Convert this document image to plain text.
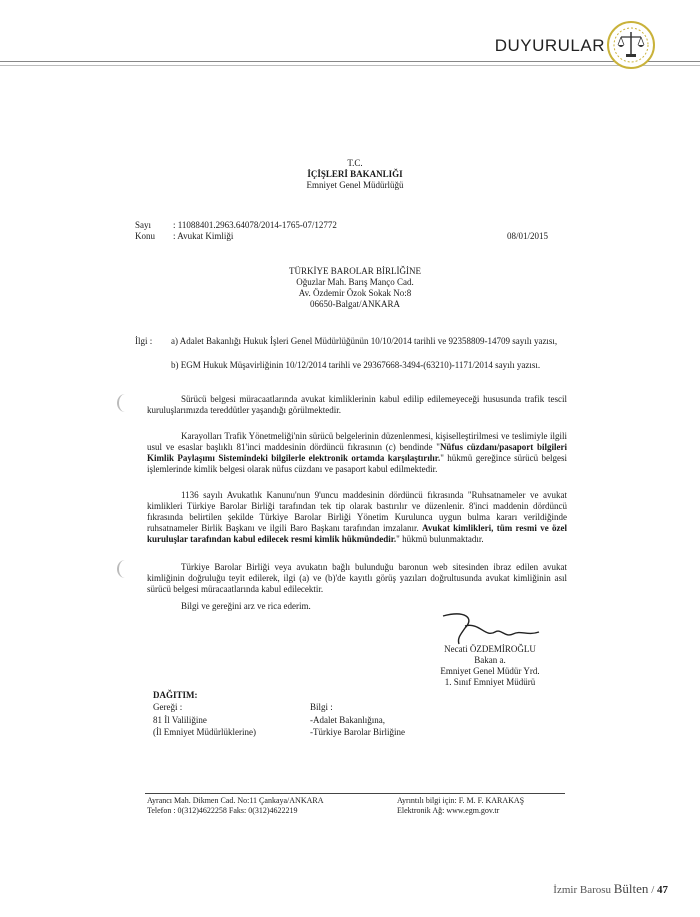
DUYURULAR
T.C.
İÇİŞLERİ BAKANLIĞI
Emniyet Genel Müdürlüğü
Sayı : 11088401.2963.64078/2014-1765-07/12772
Konu : Avukat Kimliği	08/01/2015
TÜRKİYE BAROLAR BİRLİĞİNE
Oğuzlar Mah. Barış Manço Cad.
Av. Özdemir Özok Sokak No:8
06650-Balgat/ANKARA
İlgi : a) Adalet Bakanlığı Hukuk İşleri Genel Müdürlüğünün 10/10/2014 tarihli ve 92358809-14709 sayılı yazısı,
b) EGM Hukuk Müşavirliğinin 10/12/2014 tarihli ve 29367668-3494-(63210)-1171/2014 sayılı yazısı.
Sürücü belgesi müracaatlarında avukat kimliklerinin kabul edilip edilemeyeceği hususunda trafik tescil kuruluşlarımızda tereddütler yaşandığı görülmektedir.
Karayolları Trafik Yönetmeliği'nin sürücü belgelerinin düzenlenmesi, kişiselleştirilmesi ve teslimiyle ilgili usul ve esaslar başlıklı 81'inci maddesinin dördüncü fıkrasının (c) bendinde "Nüfus cüzdanı/pasaport bilgileri Kimlik Paylaşımı Sistemindeki bilgilerle elektronik ortamda karşılaştırılır." hükmü gereğince sürücü belgesi işlemlerinde kimlik belgesi olarak nüfus cüzdanı ve pasaport kabul edilmektedir.
1136 sayılı Avukatlık Kanunu'nun 9'uncu maddesinin dördüncü fıkrasında "Ruhsatnameler ve avukat kimlikleri Türkiye Barolar Birliği tarafından tek tip olarak bastırılır ve düzenlenir. 8'inci maddenin dördüncü fıkrasında belirtilen şekilde Türkiye Barolar Birliği Yönetim Kurulunca uygun bulma kararı verildiğinde ruhsatnameler Birlik Başkanı ve ilgili Baro Başkanı tarafından imzalanır. Avukat kimlikleri, tüm resmi ve özel kuruluşlar tarafından kabul edilecek resmi kimlik hükmündedir." hükmü bulunmaktadır.
Türkiye Barolar Birliği veya avukatın bağlı bulunduğu baronun web sitesinden ibraz edilen avukat kimliğinin doğruluğu teyit edilerek, ilgi (a) ve (b)'de kayıtlı görüş yazıları doğrultusunda avukat kimliğinin asıl sürücü belgesi müracaatlarında kabul edilecektir.
Bilgi ve gereğini arz ve rica ederim.
Necati ÖZDEMİROĞLU
Bakan a.
Emniyet Genel Müdür Yrd.
1. Sınıf Emniyet Müdürü
DAĞITIM:
Gereği :
81 İl Valiliğine
(İl Emniyet Müdürlüklerine)
Bilgi :
-Adalet Bakanlığına,
-Türkiye Barolar Birliğine
Ayrancı Mah. Dikmen Cad. No:11 Çankaya/ANKARA
Telefon : 0(312)4622258 Faks: 0(312)4622219
Ayrıntılı bilgi için: F. M. F. KARAKAŞ
Elektronik Ağ: www.egm.gov.tr
İzmir Barosu Bülten / 47
